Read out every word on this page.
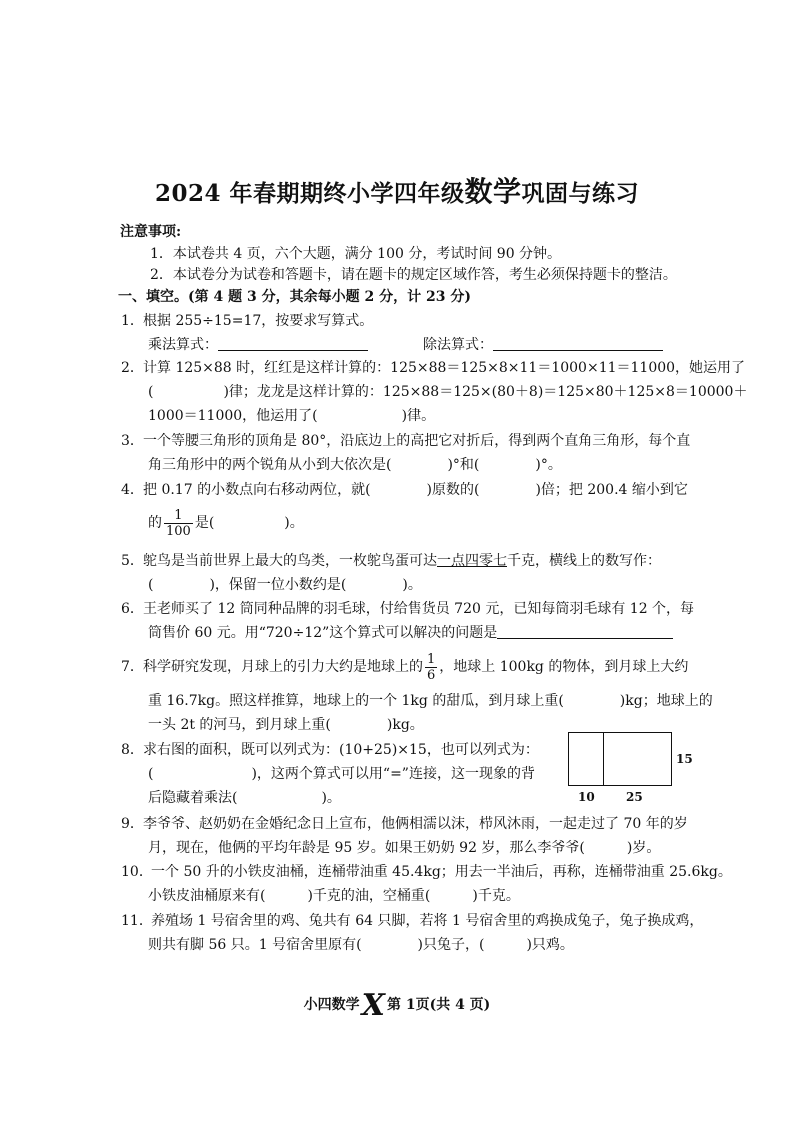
2024 年春期期终小学四年级数学巩固与练习
注意事项:
1．本试卷共 4 页，六个大题，满分 100 分，考试时间 90 分钟。
2．本试卷分为试卷和答题卡，请在题卡的规定区域作答，考生必须保持题卡的整洁。
一、填空。(第 4 题 3 分，其余每小题 2 分，计 23 分)
1．根据 255÷15=17，按要求写算式。
乘法算式：	除法算式：
2．计算 125×88 时，红红是这样计算的：125×88＝125×8×11＝1000×11＝11000，她运用了
(　　　　　)律；龙龙是这样计算的：125×88＝125×(80＋8)＝125×80＋125×8＝10000＋
1000＝11000，他运用了(　　　　　　)律。
3．一个等腰三角形的顶角是 80°，沿底边上的高把它对折后，得到两个直角三角形，每个直
角三角形中的两个锐角从小到大依次是(　　　　)°和(　　　　)°。
4．把 0.17 的小数点向右移动两位，就(　　　　)原数的(　　　　)倍；把 200.4 缩小到它
的 $\frac{1}{100}$ 是(　　　　　)。
5．鸵鸟是当前世界上最大的鸟类，一枚鸵鸟蛋可达一点四零七千克，横线上的数写作：
(　　　　)，保留一位小数约是(　　　　)。
6．王老师买了 12 筒同种品牌的羽毛球，付给售货员 720 元，已知每筒羽毛球有 12 个，每
筒售价 60 元。用“720÷12”这个算式可以解决的问题是
7．科学研究发现，月球上的引力大约是地球上的 $\frac{1}{6}$ ，地球上 100kg 的物体，到月球上大约
重 16.7kg。照这样推算，地球上的一个 1kg 的甜瓜，到月球上重(　　　　)kg；地球上的
一头 2t 的河马，到月球上重(　　　　)kg。
8．求右图的面积，既可以列式为：(10+25)×15，也可以列式为：
(　　　　　　　)，这两个算式可以用“=”连接，这一现象的背
后隐藏着乘法(　　　　　　)。
15
10	25
9．李爷爷、赵奶奶在金婚纪念日上宣布，他俩相濡以沫，栉风沐雨，一起走过了 70 年的岁
月，现在，他俩的平均年龄是 95 岁。如果王奶奶 92 岁，那么李爷爷(　　　)岁。
10．一个 50 升的小铁皮油桶，连桶带油重 45.4kg；用去一半油后，再称，连桶带油重 25.6kg。
小铁皮油桶原来有(　　　)千克的油，空桶重(　　　)千克。
11．养殖场 1 号宿舍里的鸡、兔共有 64 只脚，若将 1 号宿舍里的鸡换成兔子，兔子换成鸡，
则共有脚 56 只。1 号宿舍里原有(　　　　)只兔子，(　　　)只鸡。
小四数学X 第 1页(共 4 页)
